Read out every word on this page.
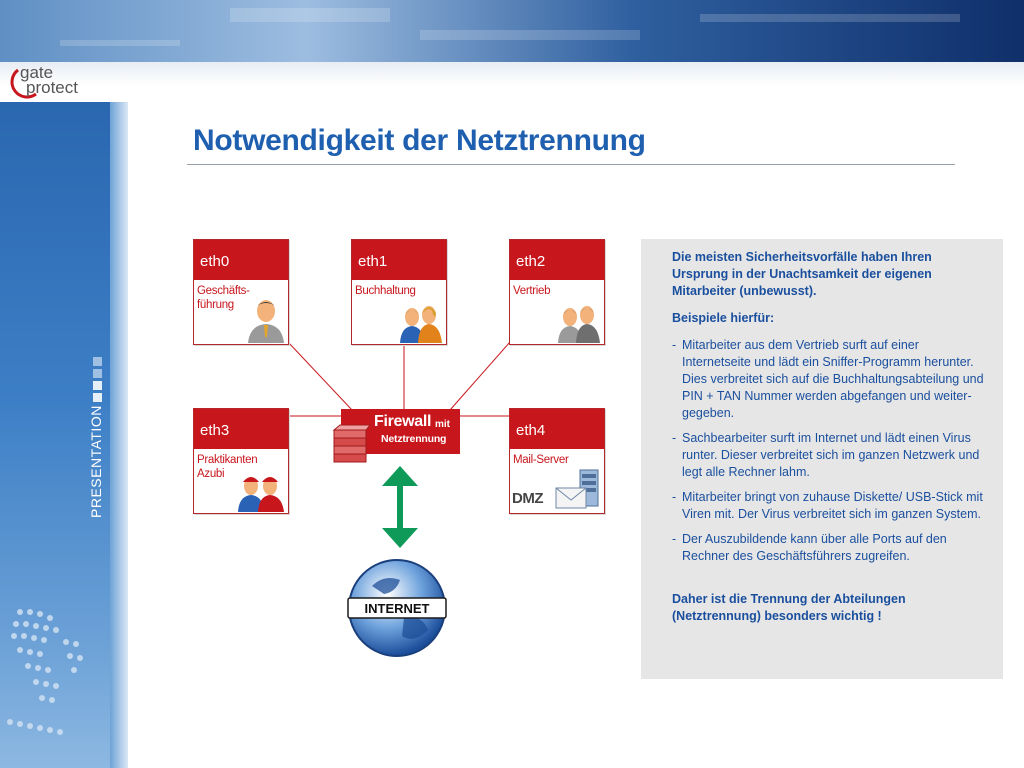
gate
protect
PRESENTATION
Notwendigkeit der Netztrennung
INTERNET
eth0
Geschäfts-
führung
eth1
Buchhaltung
eth2
Vertrieb
eth3
Praktikanten
Azubi
eth4
Mail-Server
DMZ
Firewall mit
Netztrennung

Die meisten Sicherheitsvorfälle haben Ihren Ursprung in der Unachtsamkeit der eigenen Mitarbeiter (unbewusst).

Beispiele hierfür:

- Mitarbeiter aus dem Vertrieb surft auf einer Internetseite und lädt ein Sniffer-Programm herunter. Dies verbreitet sich auf die Buchhaltungsabteilung und PIN + TAN Nummer werden abgefangen und weiter-gegeben.
- Sachbearbeiter surft im Internet und lädt einen Virus runter. Dieser verbreitet sich im ganzen Netzwerk und legt alle Rechner lahm.
- Mitarbeiter bringt von zuhause Diskette/ USB-Stick mit Viren mit. Der Virus verbreitet sich im ganzen System.
- Der Auszubildende kann über alle Ports auf den Rechner des Geschäftsführers zugreifen.

Daher ist die Trennung der Abteilungen (Netztrennung) besonders wichtig !
